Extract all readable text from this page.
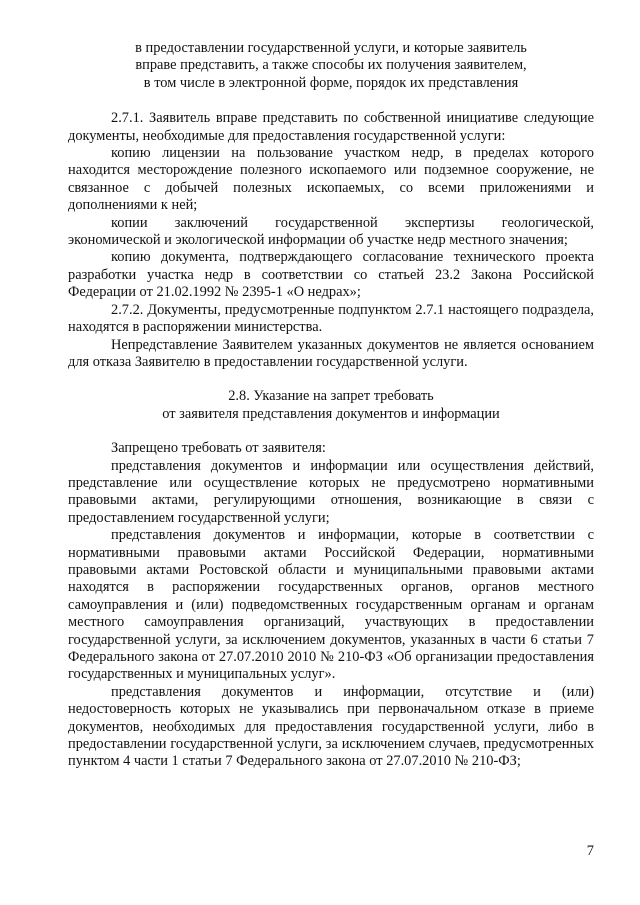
в предоставлении государственной услуги, и которые заявитель

вправе представить, а также способы их получения заявителем,

в том числе в электронной форме, порядок их представления

2.7.1. Заявитель вправе представить по собственной инициативе следующие документы, необходимые для предоставления государственной услуги:

копию лицензии на пользование участком недр, в пределах которого находится месторождение полезного ископаемого или подземное сооружение, не связанное с добычей полезных ископаемых, со всеми приложениями и дополнениями к ней;

копии заключений государственной экспертизы геологической, экономической и экологической информации об участке недр местного значения;

копию документа, подтверждающего согласование технического проекта разработки участка недр в соответствии со статьей 23.2 Закона Российской Федерации от 21.02.1992 № 2395-1 «О недрах»;

2.7.2. Документы, предусмотренные подпунктом 2.7.1 настоящего подраздела, находятся в распоряжении министерства.

Непредставление Заявителем указанных документов не является основанием для отказа Заявителю в предоставлении государственной услуги.

2.8. Указание на запрет требовать

от заявителя представления документов и информации

Запрещено требовать от заявителя:

представления документов и информации или осуществления действий, представление или осуществление которых не предусмотрено нормативными правовыми актами, регулирующими отношения, возникающие в связи с предоставлением государственной услуги;

представления документов и информации, которые в соответствии с нормативными правовыми актами Российской Федерации, нормативными правовыми актами Ростовской области и муниципальными правовыми актами находятся в распоряжении государственных органов, органов местного самоуправления и (или) подведомственных государственным органам и органам местного самоуправления организаций, участвующих в предоставлении государственной услуги, за исключением документов, указанных в части 6 статьи 7 Федерального закона от 27.07.2010 2010 № 210-ФЗ «Об организации предоставления государственных и муниципальных услуг».

представления документов и информации, отсутствие и (или) недостоверность которых не указывались при первоначальном отказе в приеме документов, необходимых для предоставления государственной услуги, либо в предоставлении государственной услуги, за исключением случаев, предусмотренных пунктом 4 части 1 статьи 7 Федерального закона от 27.07.2010 № 210-ФЗ;

7
